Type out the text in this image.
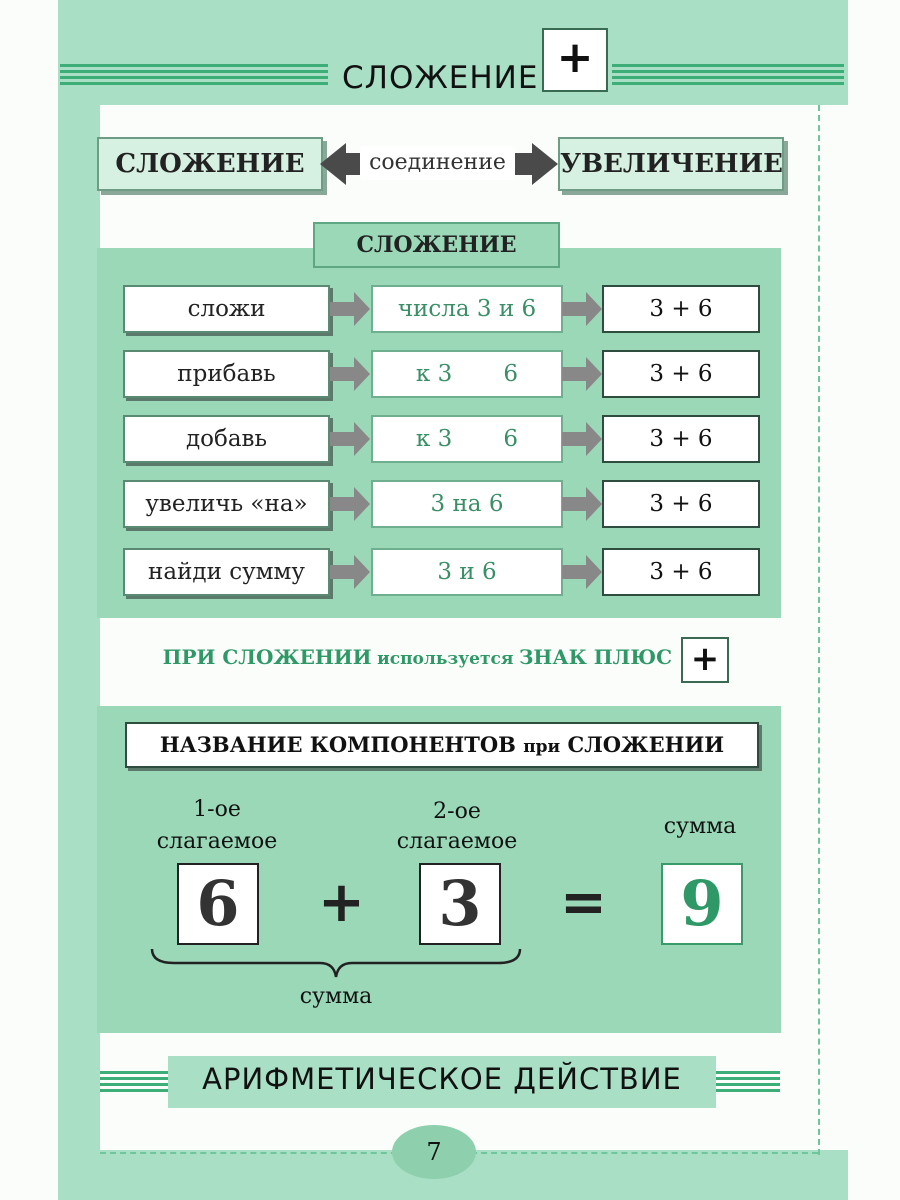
СЛОЖЕНИЕ +
СЛОЖЕНИЕ	соединение	УВЕЛИЧЕНИЕ
СЛОЖЕНИЕ
сложи	числа 3 и 6	3 + 6
прибавь	к 3       6	3 + 6
добавь	к 3       6	3 + 6
увеличь «на»	3 на 6	3 + 6
найди сумму	3 и 6	3 + 6
ПРИ СЛОЖЕНИИ используется ЗНАК ПЛЮС +
НАЗВАНИЕ КОМПОНЕНТОВ при СЛОЖЕНИИ
1-ое
слагаемое
2-ое
слагаемое
сумма
6	+	3	=	9
сумма
АРИФМЕТИЧЕСКОЕ ДЕЙСТВИЕ
7
